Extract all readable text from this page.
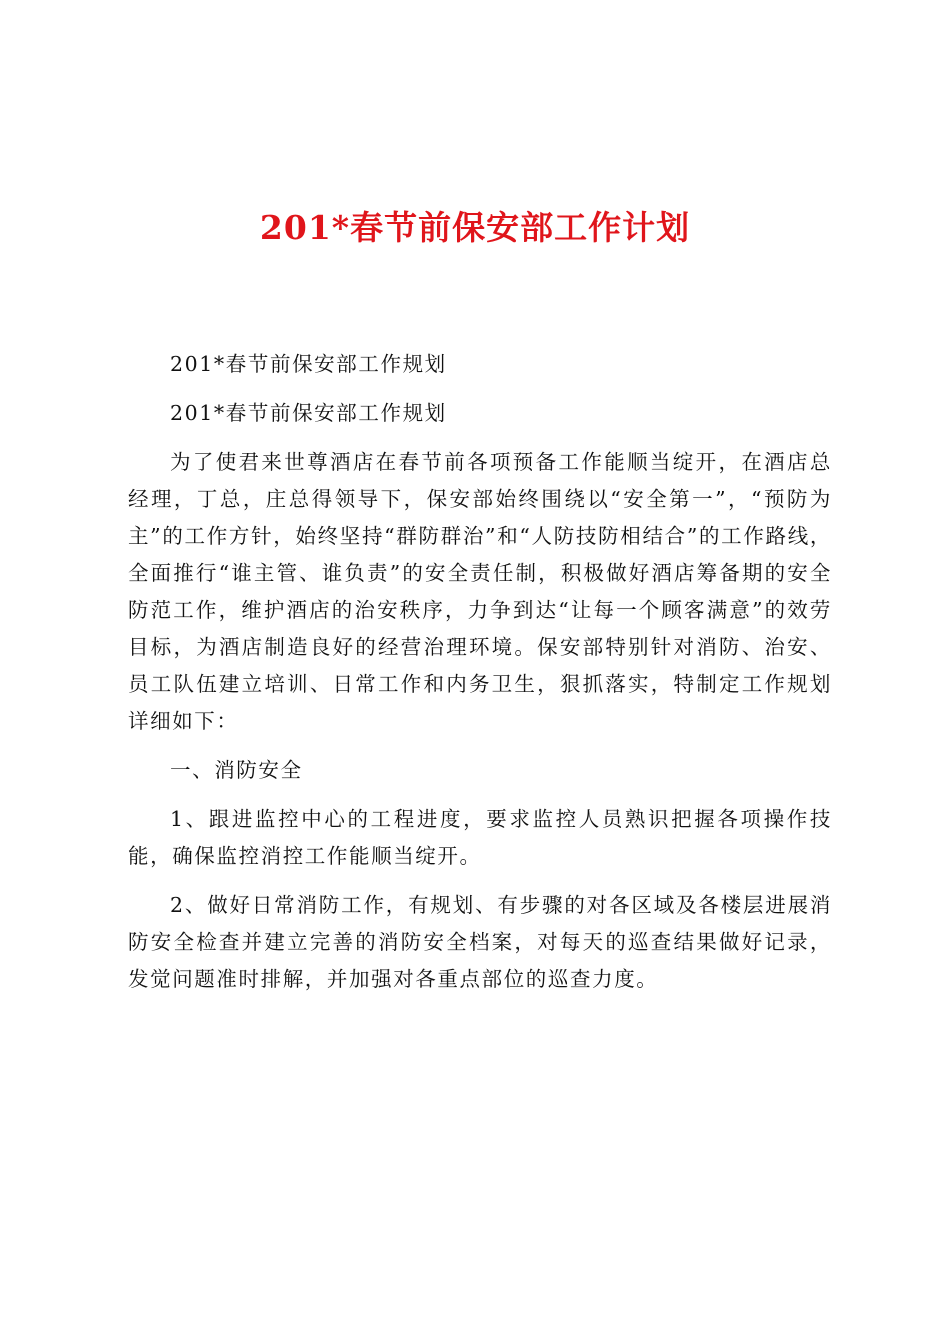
201*春节前保安部工作计划

201*春节前保安部工作规划

201*春节前保安部工作规划

为了使君来世尊酒店在春节前各项预备工作能顺当绽开，在酒店总经理，丁总，庄总得领导下，保安部始终围绕以“安全第一”，“预防为主”的工作方针，始终坚持“群防群治”和“人防技防相结合”的工作路线，全面推行“谁主管、谁负责”的安全责任制，积极做好酒店筹备期的安全防范工作，维护酒店的治安秩序，力争到达“让每一个顾客满意”的效劳目标，为酒店制造良好的经营治理环境。保安部特别针对消防、治安、员工队伍建立培训、日常工作和内务卫生，狠抓落实，特制定工作规划详细如下：

一、消防安全

1、跟进监控中心的工程进度，要求监控人员熟识把握各项操作技能，确保监控消控工作能顺当绽开。

2、做好日常消防工作，有规划、有步骤的对各区域及各楼层进展消防安全检查并建立完善的消防安全档案，对每天的巡查结果做好记录，发觉问题准时排解，并加强对各重点部位的巡查力度。
